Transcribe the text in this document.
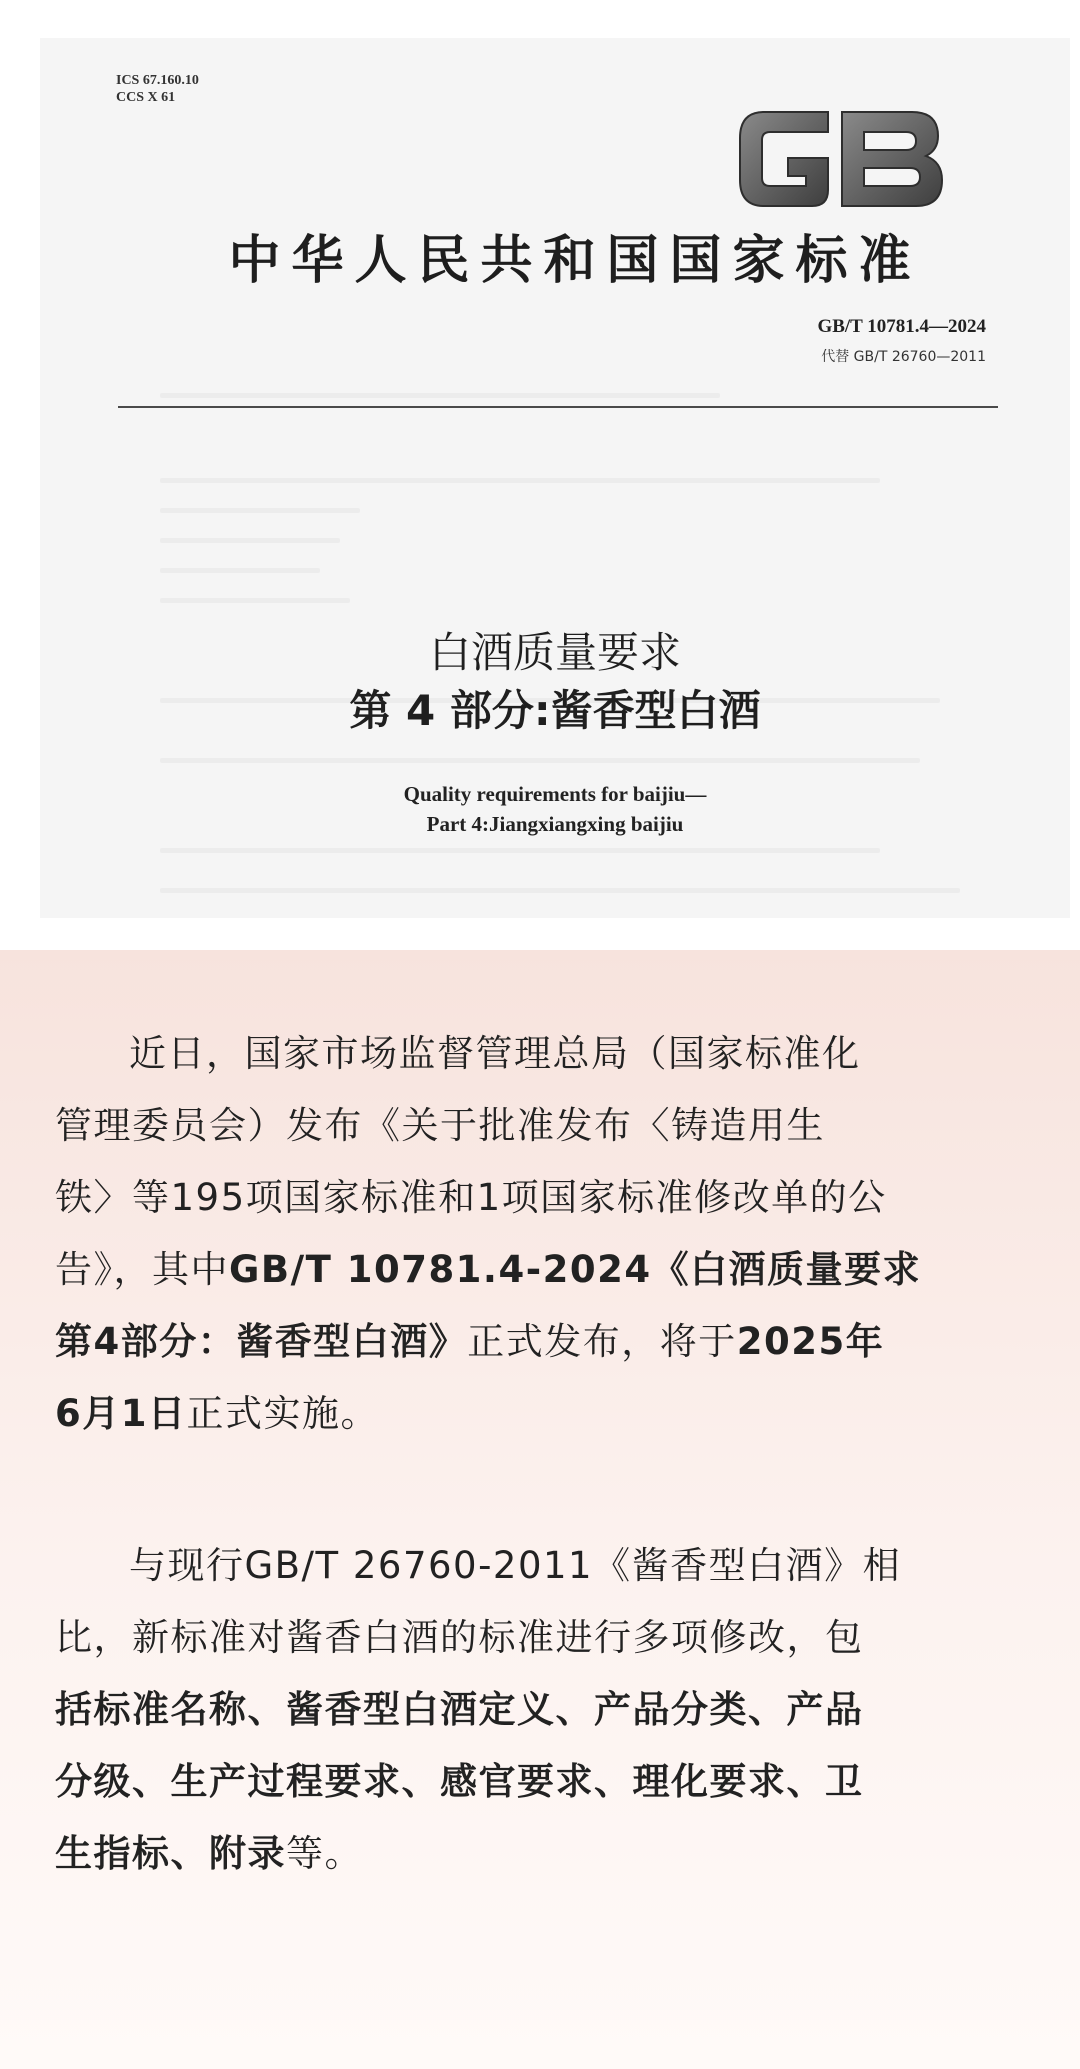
ICS 67.160.10
CCS X 61
中华人民共和国国家标准
GB/T 10781.4—2024
代替 GB/T 26760—2011
白酒质量要求
第 4 部分:酱香型白酒
Quality requirements for baijiu—
Part 4:Jiangxiangxing baijiu
近日，国家市场监督管理总局（国家标准化
管理委员会）发布《关于批准发布〈铸造用生
铁〉等195项国家标准和1项国家标准修改单的公
告》，其中GB/T 10781.4-2024《白酒质量要求
第4部分：酱香型白酒》正式发布，将于2025年
6月1日正式实施。
与现行GB/T 26760-2011《酱香型白酒》相
比，新标准对酱香白酒的标准进行多项修改，包
括标准名称、酱香型白酒定义、产品分类、产品
分级、生产过程要求、感官要求、理化要求、卫
生指标、附录等。
